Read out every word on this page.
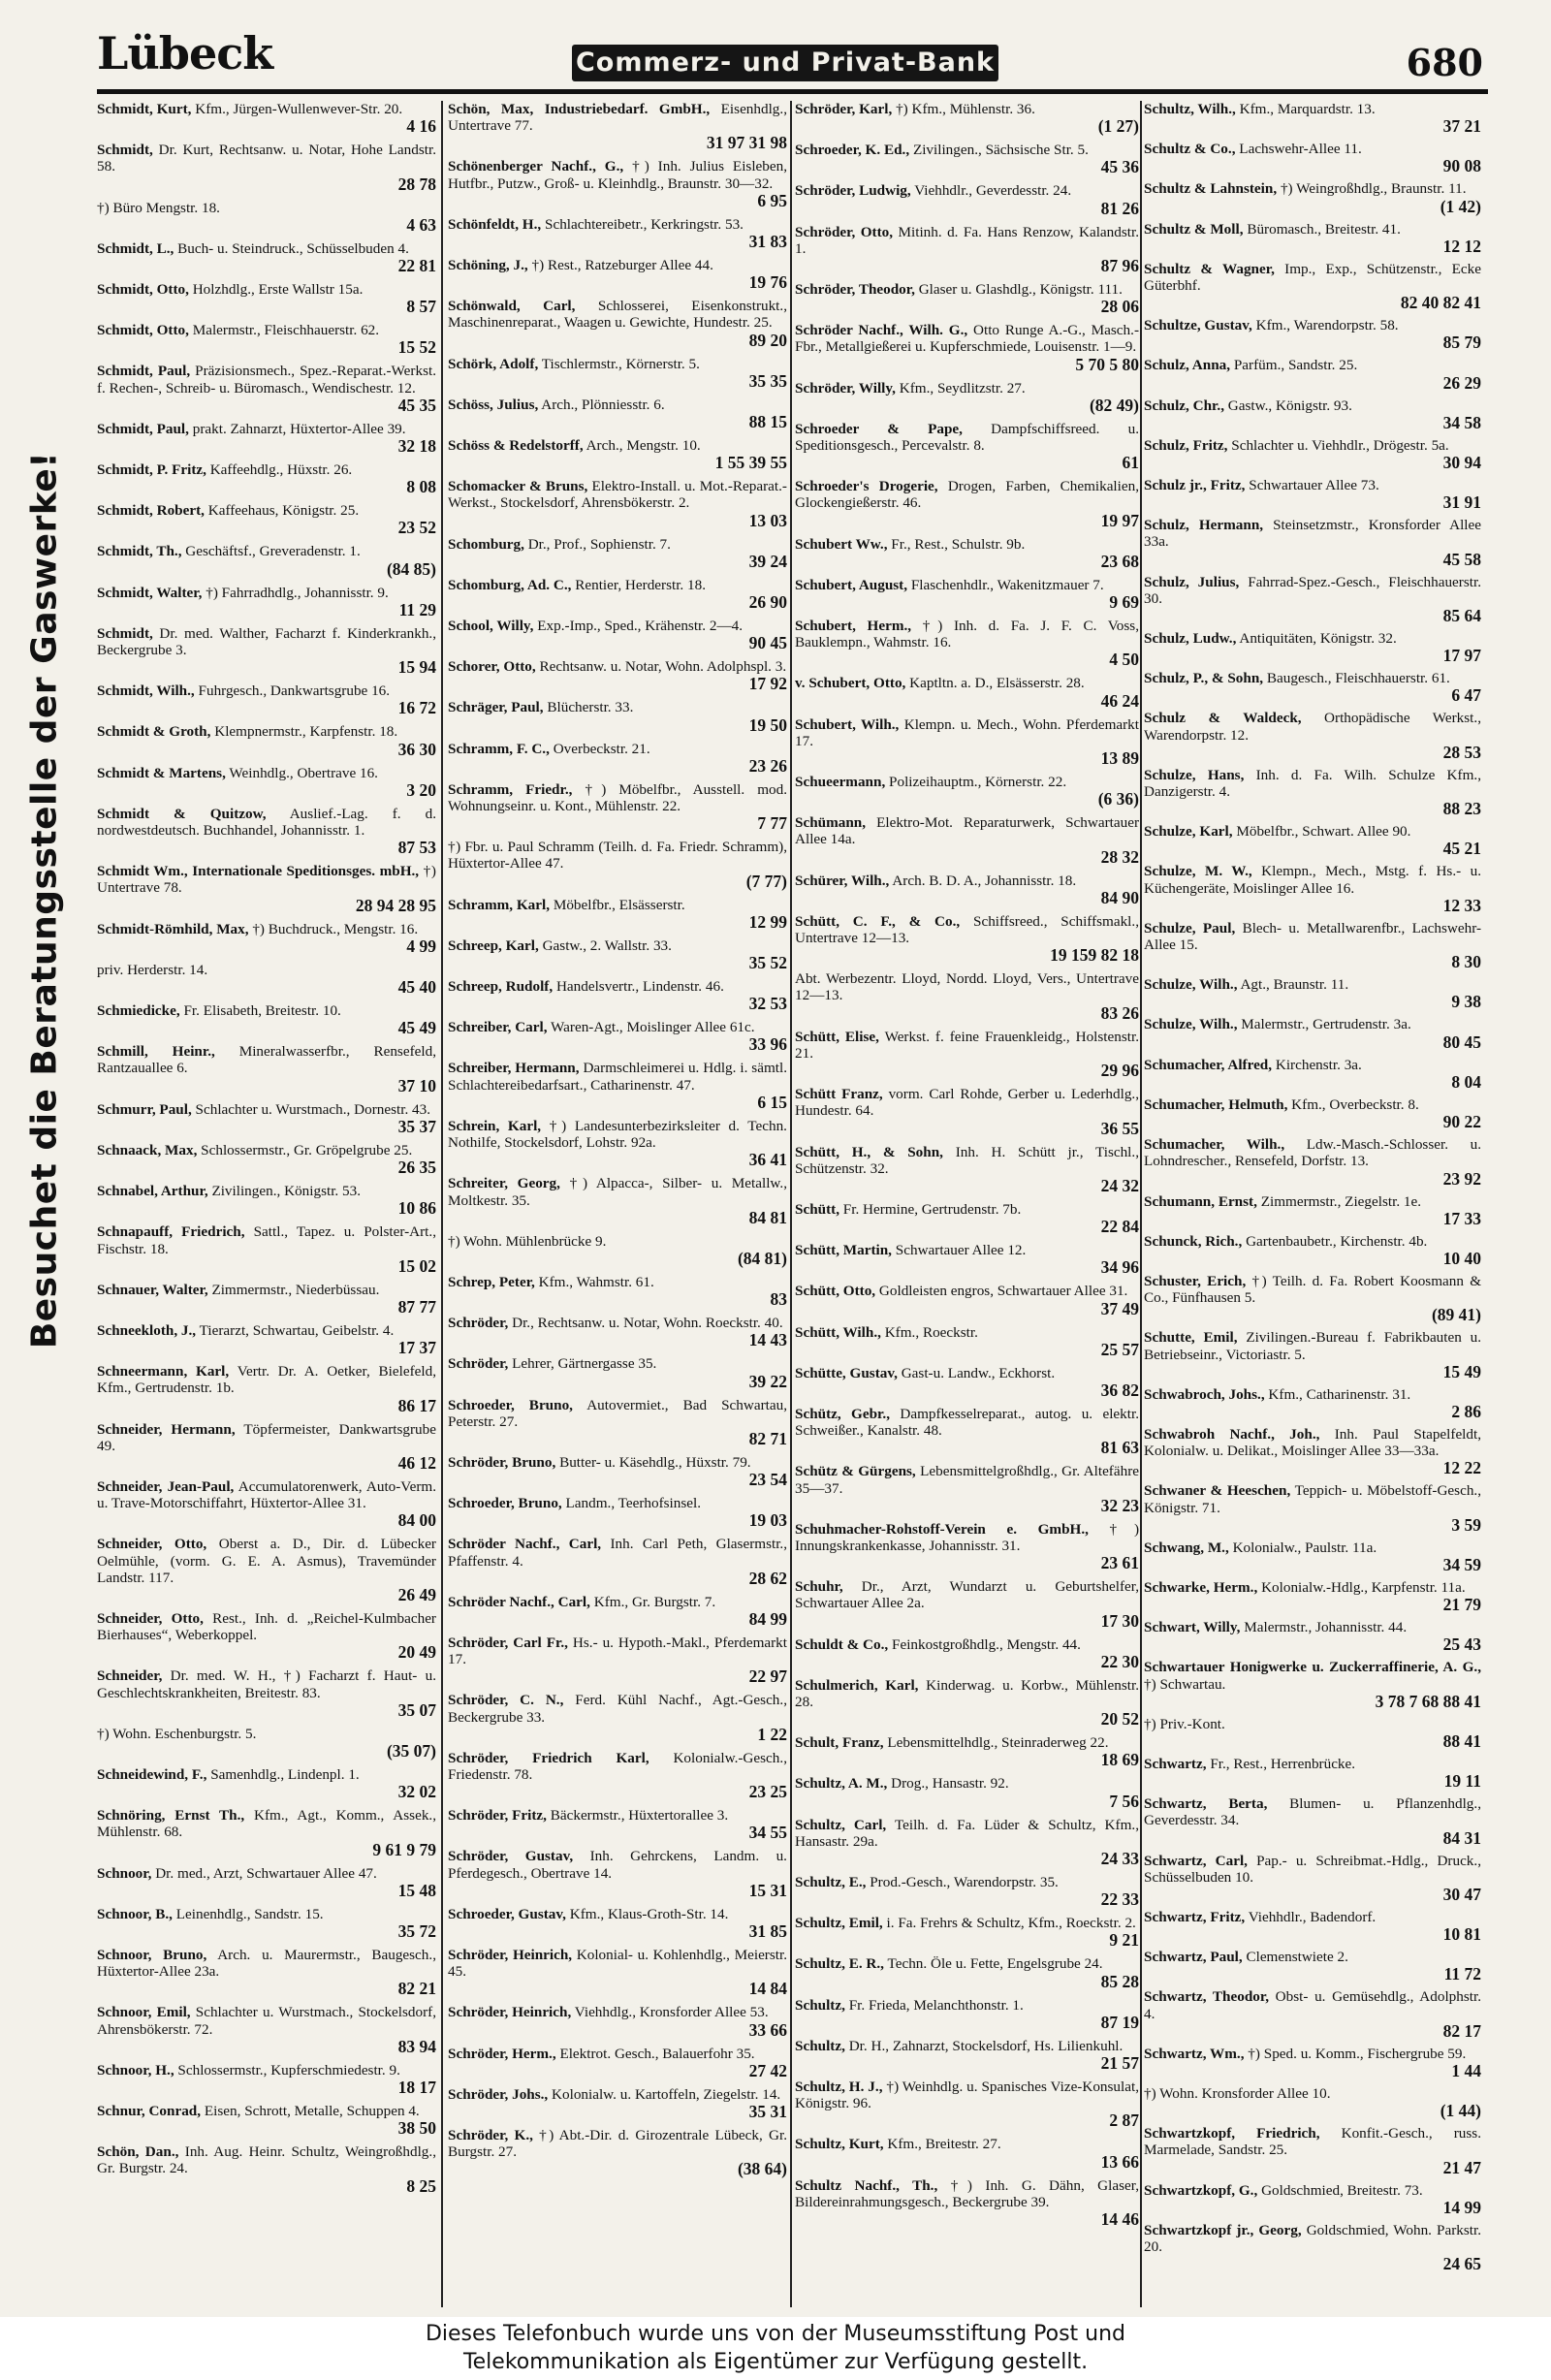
Lübeck	Commerz- und Privat-Bank	680
Besuchet die Beratungsstelle der Gaswerke!
Schmidt, Kurt, Kfm., Jürgen-Wullenwever-Str. 20.
4 16
Schmidt, Dr. Kurt, Rechtsanw. u. Notar, Hohe Landstr. 58.
28 78
†) Büro Mengstr. 18.
4 63
Schmidt, L., Buch- u. Steindruck., Schüsselbuden 4.
22 81
Schmidt, Otto, Holzhdlg., Erste Wallstr 15a.
8 57
Schmidt, Otto, Malermstr., Fleischhauerstr. 62.
15 52
Schmidt, Paul, Präzisionsmech., Spez.-Reparat.-Werkst. f. Rechen-, Schreib- u. Büromasch., Wendischestr. 12.
45 35
Schmidt, Paul, prakt. Zahnarzt, Hüxtertor-Allee 39.
32 18
Schmidt, P. Fritz, Kaffeehdlg., Hüxstr. 26.
8 08
Schmidt, Robert, Kaffeehaus, Königstr. 25.
23 52
Schmidt, Th., Geschäftsf., Greveradenstr. 1.
(84 85)
Schmidt, Walter, †) Fahrradhdlg., Johannisstr. 9.
11 29
Schmidt, Dr. med. Walther, Facharzt f. Kinderkrankh., Beckergrube 3.
15 94
Schmidt, Wilh., Fuhrgesch., Dankwartsgrube 16.
16 72
Schmidt & Groth, Klempnermstr., Karpfenstr. 18.
36 30
Schmidt & Martens, Weinhdlg., Obertrave 16.
3 20
Schmidt & Quitzow, Auslief.-Lag. f. d. nordwestdeutsch. Buchhandel, Johannisstr. 1.
87 53
Schmidt Wm., Internationale Speditionsges. mbH., †) Untertrave 78.
28 94 28 95
Schmidt-Römhild, Max, †) Buchdruck., Mengstr. 16.
4 99
priv. Herderstr. 14.
45 40
Schmiedicke, Fr. Elisabeth, Breitestr. 10.
45 49
Schmill, Heinr., Mineralwasserfbr., Rensefeld, Rantzauallee 6.
37 10
Schmurr, Paul, Schlachter u. Wurstmach., Dornestr. 43.
35 37
Schnaack, Max, Schlossermstr., Gr. Gröpelgrube 25.
26 35
Schnabel, Arthur, Zivilingen., Königstr. 53.
10 86
Schnapauff, Friedrich, Sattl., Tapez. u. Polster-Art., Fischstr. 18.
15 02
Schnauer, Walter, Zimmermstr., Niederbüssau.
87 77
Schneekloth, J., Tierarzt, Schwartau, Geibelstr. 4.
17 37
Schneermann, Karl, Vertr. Dr. A. Oetker, Bielefeld, Kfm., Gertrudenstr. 1b.
86 17
Schneider, Hermann, Töpfermeister, Dankwartsgrube 49.
46 12
Schneider, Jean-Paul, Accumulatorenwerk, Auto-Verm. u. Trave-Motorschiffahrt, Hüxtertor-Allee 31.
84 00
Schneider, Otto, Oberst a. D., Dir. d. Lübecker Oelmühle, (vorm. G. E. A. Asmus), Travemünder Landstr. 117.
26 49
Schneider, Otto, Rest., Inh. d. „Reichel-Kulmbacher Bierhauses“, Weberkoppel.
20 49
Schneider, Dr. med. W. H., †) Facharzt f. Haut- u. Geschlechtskrankheiten, Breitestr. 83.
35 07
†) Wohn. Eschenburgstr. 5.
(35 07)
Schneidewind, F., Samenhdlg., Lindenpl. 1.
32 02
Schnöring, Ernst Th., Kfm., Agt., Komm., Assek., Mühlenstr. 68.
9 61 9 79
Schnoor, Dr. med., Arzt, Schwartauer Allee 47.
15 48
Schnoor, B., Leinenhdlg., Sandstr. 15.
35 72
Schnoor, Bruno, Arch. u. Maurermstr., Baugesch., Hüxtertor-Allee 23a.
82 21
Schnoor, Emil, Schlachter u. Wurstmach., Stockelsdorf, Ahrensbökerstr. 72.
83 94
Schnoor, H., Schlossermstr., Kupferschmiedestr. 9.
18 17
Schnur, Conrad, Eisen, Schrott, Metalle, Schuppen 4.
38 50
Schön, Dan., Inh. Aug. Heinr. Schultz, Weingroßhdlg., Gr. Burgstr. 24.
8 25
Schön, Max, Industriebedarf. GmbH., Eisenhdlg., Untertrave 77.
31 97 31 98
Schönenberger Nachf., G., †) Inh. Julius Eisleben, Hutfbr., Putzw., Groß- u. Kleinhdlg., Braunstr. 30—32.
6 95
Schönfeldt, H., Schlachtereibetr., Kerkringstr. 53.
31 83
Schöning, J., †) Rest., Ratzeburger Allee 44.
19 76
Schönwald, Carl, Schlosserei, Eisenkonstrukt., Maschinenreparat., Waagen u. Gewichte, Hundestr. 25.
89 20
Schörk, Adolf, Tischlermstr., Körnerstr. 5.
35 35
Schöss, Julius, Arch., Plönniesstr. 6.
88 15
Schöss & Redelstorff, Arch., Mengstr. 10.
1 55 39 55
Schomacker & Bruns, Elektro-Install. u. Mot.-Reparat.-Werkst., Stockelsdorf, Ahrensbökerstr. 2.
13 03
Schomburg, Dr., Prof., Sophienstr. 7.
39 24
Schomburg, Ad. C., Rentier, Herderstr. 18.
26 90
School, Willy, Exp.-Imp., Sped., Krähenstr. 2—4.
90 45
Schorer, Otto, Rechtsanw. u. Notar, Wohn. Adolphspl. 3.
17 92
Schräger, Paul, Blücherstr. 33.
19 50
Schramm, F. C., Overbeckstr. 21.
23 26
Schramm, Friedr., †) Möbelfbr., Ausstell. mod. Wohnungseinr. u. Kont., Mühlenstr. 22.
7 77
†) Fbr. u. Paul Schramm (Teilh. d. Fa. Friedr. Schramm), Hüxtertor-Allee 47.
(7 77)
Schramm, Karl, Möbelfbr., Elsässerstr.
12 99
Schreep, Karl, Gastw., 2. Wallstr. 33.
35 52
Schreep, Rudolf, Handelsvertr., Lindenstr. 46.
32 53
Schreiber, Carl, Waren-Agt., Moislinger Allee 61c.
33 96
Schreiber, Hermann, Darmschleimerei u. Hdlg. i. sämtl. Schlachtereibedarfsart., Catharinenstr. 47.
6 15
Schrein, Karl, †) Landesunterbezirksleiter d. Techn. Nothilfe, Stockelsdorf, Lohstr. 92a.
36 41
Schreiter, Georg, †) Alpacca-, Silber- u. Metallw., Moltkestr. 35.
84 81
†) Wohn. Mühlenbrücke 9.
(84 81)
Schrep, Peter, Kfm., Wahmstr. 61.
83
Schröder, Dr., Rechtsanw. u. Notar, Wohn. Roeckstr. 40.
14 43
Schröder, Lehrer, Gärtnergasse 35.
39 22
Schroeder, Bruno, Autovermiet., Bad Schwartau, Peterstr. 27.
82 71
Schröder, Bruno, Butter- u. Käsehdlg., Hüxstr. 79.
23 54
Schroeder, Bruno, Landm., Teerhofsinsel.
19 03
Schröder Nachf., Carl, Inh. Carl Peth, Glasermstr., Pfaffenstr. 4.
28 62
Schröder Nachf., Carl, Kfm., Gr. Burgstr. 7.
84 99
Schröder, Carl Fr., Hs.- u. Hypoth.-Makl., Pferdemarkt 17.
22 97
Schröder, C. N., Ferd. Kühl Nachf., Agt.-Gesch., Beckergrube 33.
1 22
Schröder, Friedrich Karl, Kolonialw.-Gesch., Friedenstr. 78.
23 25
Schröder, Fritz, Bäckermstr., Hüxtertorallee 3.
34 55
Schröder, Gustav, Inh. Gehrckens, Landm. u. Pferdegesch., Obertrave 14.
15 31
Schroeder, Gustav, Kfm., Klaus-Groth-Str. 14.
31 85
Schröder, Heinrich, Kolonial- u. Kohlenhdlg., Meierstr. 45.
14 84
Schröder, Heinrich, Viehhdlg., Kronsforder Allee 53.
33 66
Schröder, Herm., Elektrot. Gesch., Balauerfohr 35.
27 42
Schröder, Johs., Kolonialw. u. Kartoffeln, Ziegelstr. 14.
35 31
Schröder, K., †) Abt.-Dir. d. Girozentrale Lübeck, Gr. Burgstr. 27.
(38 64)
Schröder, Karl, †) Kfm., Mühlenstr. 36.
(1 27)
Schroeder, K. Ed., Zivilingen., Sächsische Str. 5.
45 36
Schröder, Ludwig, Viehhdlr., Geverdesstr. 24.
81 26
Schröder, Otto, Mitinh. d. Fa. Hans Renzow, Kalandstr. 1.
87 96
Schröder, Theodor, Glaser u. Glashdlg., Königstr. 111.
28 06
Schröder Nachf., Wilh. G., Otto Runge A.-G., Masch.-Fbr., Metallgießerei u. Kupferschmiede, Louisenstr. 1—9.
5 70 5 80
Schröder, Willy, Kfm., Seydlitzstr. 27.
(82 49)
Schroeder & Pape, Dampfschiffsreed. u. Speditionsgesch., Percevalstr. 8.
61
Schroeder's Drogerie, Drogen, Farben, Chemikalien, Glockengießerstr. 46.
19 97
Schubert Ww., Fr., Rest., Schulstr. 9b.
23 68
Schubert, August, Flaschenhdlr., Wakenitzmauer 7.
9 69
Schubert, Herm., †) Inh. d. Fa. J. F. C. Voss, Bauklempn., Wahmstr. 16.
4 50
v. Schubert, Otto, Kaptltn. a. D., Elsässerstr. 28.
46 24
Schubert, Wilh., Klempn. u. Mech., Wohn. Pferdemarkt 17.
13 89
Schueermann, Polizeihauptm., Körnerstr. 22.
(6 36)
Schümann, Elektro-Mot. Reparaturwerk, Schwartauer Allee 14a.
28 32
Schürer, Wilh., Arch. B. D. A., Johannisstr. 18.
84 90
Schütt, C. F., & Co., Schiffsreed., Schiffsmakl., Untertrave 12—13.
19 159 82 18
Abt. Werbezentr. Lloyd, Nordd. Lloyd, Vers., Untertrave 12—13.
83 26
Schütt, Elise, Werkst. f. feine Frauenkleidg., Holstenstr. 21.
29 96
Schütt Franz, vorm. Carl Rohde, Gerber u. Lederhdlg., Hundestr. 64.
36 55
Schütt, H., & Sohn, Inh. H. Schütt jr., Tischl., Schützenstr. 32.
24 32
Schütt, Fr. Hermine, Gertrudenstr. 7b.
22 84
Schütt, Martin, Schwartauer Allee 12.
34 96
Schütt, Otto, Goldleisten engros, Schwartauer Allee 31.
37 49
Schütt, Wilh., Kfm., Roeckstr.
25 57
Schütte, Gustav, Gast-u. Landw., Eckhorst.
36 82
Schütz, Gebr., Dampfkesselreparat., autog. u. elektr. Schweißer., Kanalstr. 48.
81 63
Schütz & Gürgens, Lebensmittelgroßhdlg., Gr. Altefähre 35—37.
32 23
Schuhmacher-Rohstoff-Verein e. GmbH., †) Innungskrankenkasse, Johannisstr. 31.
23 61
Schuhr, Dr., Arzt, Wundarzt u. Geburtshelfer, Schwartauer Allee 2a.
17 30
Schuldt & Co., Feinkostgroßhdlg., Mengstr. 44.
22 30
Schulmerich, Karl, Kinderwag. u. Korbw., Mühlenstr. 28.
20 52
Schult, Franz, Lebensmittelhdlg., Steinraderweg 22.
18 69
Schultz, A. M., Drog., Hansastr. 92.
7 56
Schultz, Carl, Teilh. d. Fa. Lüder & Schultz, Kfm., Hansastr. 29a.
24 33
Schultz, E., Prod.-Gesch., Warendorpstr. 35.
22 33
Schultz, Emil, i. Fa. Frehrs & Schultz, Kfm., Roeckstr. 2.
9 21
Schultz, E. R., Techn. Öle u. Fette, Engelsgrube 24.
85 28
Schultz, Fr. Frieda, Melanchthonstr. 1.
87 19
Schultz, Dr. H., Zahnarzt, Stockelsdorf, Hs. Lilienkuhl.
21 57
Schultz, H. J., †) Weinhdlg. u. Spanisches Vize-Konsulat, Königstr. 96.
2 87
Schultz, Kurt, Kfm., Breitestr. 27.
13 66
Schultz Nachf., Th., †) Inh. G. Dähn, Glaser, Bildereinrahmungsgesch., Beckergrube 39.
14 46
Schultz, Wilh., Kfm., Marquardstr. 13.
37 21
Schultz & Co., Lachswehr-Allee 11.
90 08
Schultz & Lahnstein, †) Weingroßhdlg., Braunstr. 11.
(1 42)
Schultz & Moll, Büromasch., Breitestr. 41.
12 12
Schultz & Wagner, Imp., Exp., Schützenstr., Ecke Güterbhf.
82 40 82 41
Schultze, Gustav, Kfm., Warendorpstr. 58.
85 79
Schulz, Anna, Parfüm., Sandstr. 25.
26 29
Schulz, Chr., Gastw., Königstr. 93.
34 58
Schulz, Fritz, Schlachter u. Viehhdlr., Drögestr. 5a.
30 94
Schulz jr., Fritz, Schwartauer Allee 73.
31 91
Schulz, Hermann, Steinsetzmstr., Kronsforder Allee 33a.
45 58
Schulz, Julius, Fahrrad-Spez.-Gesch., Fleischhauerstr. 30.
85 64
Schulz, Ludw., Antiquitäten, Königstr. 32.
17 97
Schulz, P., & Sohn, Baugesch., Fleischhauerstr. 61.
6 47
Schulz & Waldeck, Orthopädische Werkst., Warendorpstr. 12.
28 53
Schulze, Hans, Inh. d. Fa. Wilh. Schulze Kfm., Danzigerstr. 4.
88 23
Schulze, Karl, Möbelfbr., Schwart. Allee 90.
45 21
Schulze, M. W., Klempn., Mech., Mstg. f. Hs.- u. Küchengeräte, Moislinger Allee 16.
12 33
Schulze, Paul, Blech- u. Metallwarenfbr., Lachswehr-Allee 15.
8 30
Schulze, Wilh., Agt., Braunstr. 11.
9 38
Schulze, Wilh., Malermstr., Gertrudenstr. 3a.
80 45
Schumacher, Alfred, Kirchenstr. 3a.
8 04
Schumacher, Helmuth, Kfm., Overbeckstr. 8.
90 22
Schumacher, Wilh., Ldw.-Masch.-Schlosser. u. Lohndrescher., Rensefeld, Dorfstr. 13.
23 92
Schumann, Ernst, Zimmermstr., Ziegelstr. 1e.
17 33
Schunck, Rich., Gartenbaubetr., Kirchenstr. 4b.
10 40
Schuster, Erich, †) Teilh. d. Fa. Robert Koosmann & Co., Fünfhausen 5.
(89 41)
Schutte, Emil, Zivilingen.-Bureau f. Fabrikbauten u. Betriebseinr., Victoriastr. 5.
15 49
Schwabroch, Johs., Kfm., Catharinenstr. 31.
2 86
Schwabroh Nachf., Joh., Inh. Paul Stapelfeldt, Kolonialw. u. Delikat., Moislinger Allee 33—33a.
12 22
Schwaner & Heeschen, Teppich- u. Möbelstoff-Gesch., Königstr. 71.
3 59
Schwang, M., Kolonialw., Paulstr. 11a.
34 59
Schwarke, Herm., Kolonialw.-Hdlg., Karpfenstr. 11a.
21 79
Schwart, Willy, Malermstr., Johannisstr. 44.
25 43
Schwartauer Honigwerke u. Zuckerraffinerie, A. G., †) Schwartau.
3 78 7 68 88 41
†) Priv.-Kont.
88 41
Schwartz, Fr., Rest., Herrenbrücke.
19 11
Schwartz, Berta, Blumen- u. Pflanzenhdlg., Geverdesstr. 34.
84 31
Schwartz, Carl, Pap.- u. Schreibmat.-Hdlg., Druck., Schüsselbuden 10.
30 47
Schwartz, Fritz, Viehhdlr., Badendorf.
10 81
Schwartz, Paul, Clemenstwiete 2.
11 72
Schwartz, Theodor, Obst- u. Gemüsehdlg., Adolphstr. 4.
82 17
Schwartz, Wm., †) Sped. u. Komm., Fischergrube 59.
1 44
†) Wohn. Kronsforder Allee 10.
(1 44)
Schwartzkopf, Friedrich, Konfit.-Gesch., russ. Marmelade, Sandstr. 25.
21 47
Schwartzkopf, G., Goldschmied, Breitestr. 73.
14 99
Schwartzkopf jr., Georg, Goldschmied, Wohn. Parkstr. 20.
24 65
Dieses Telefonbuch wurde uns von der Museumsstiftung Post und
Telekommunikation als Eigentümer zur Verfügung gestellt.
